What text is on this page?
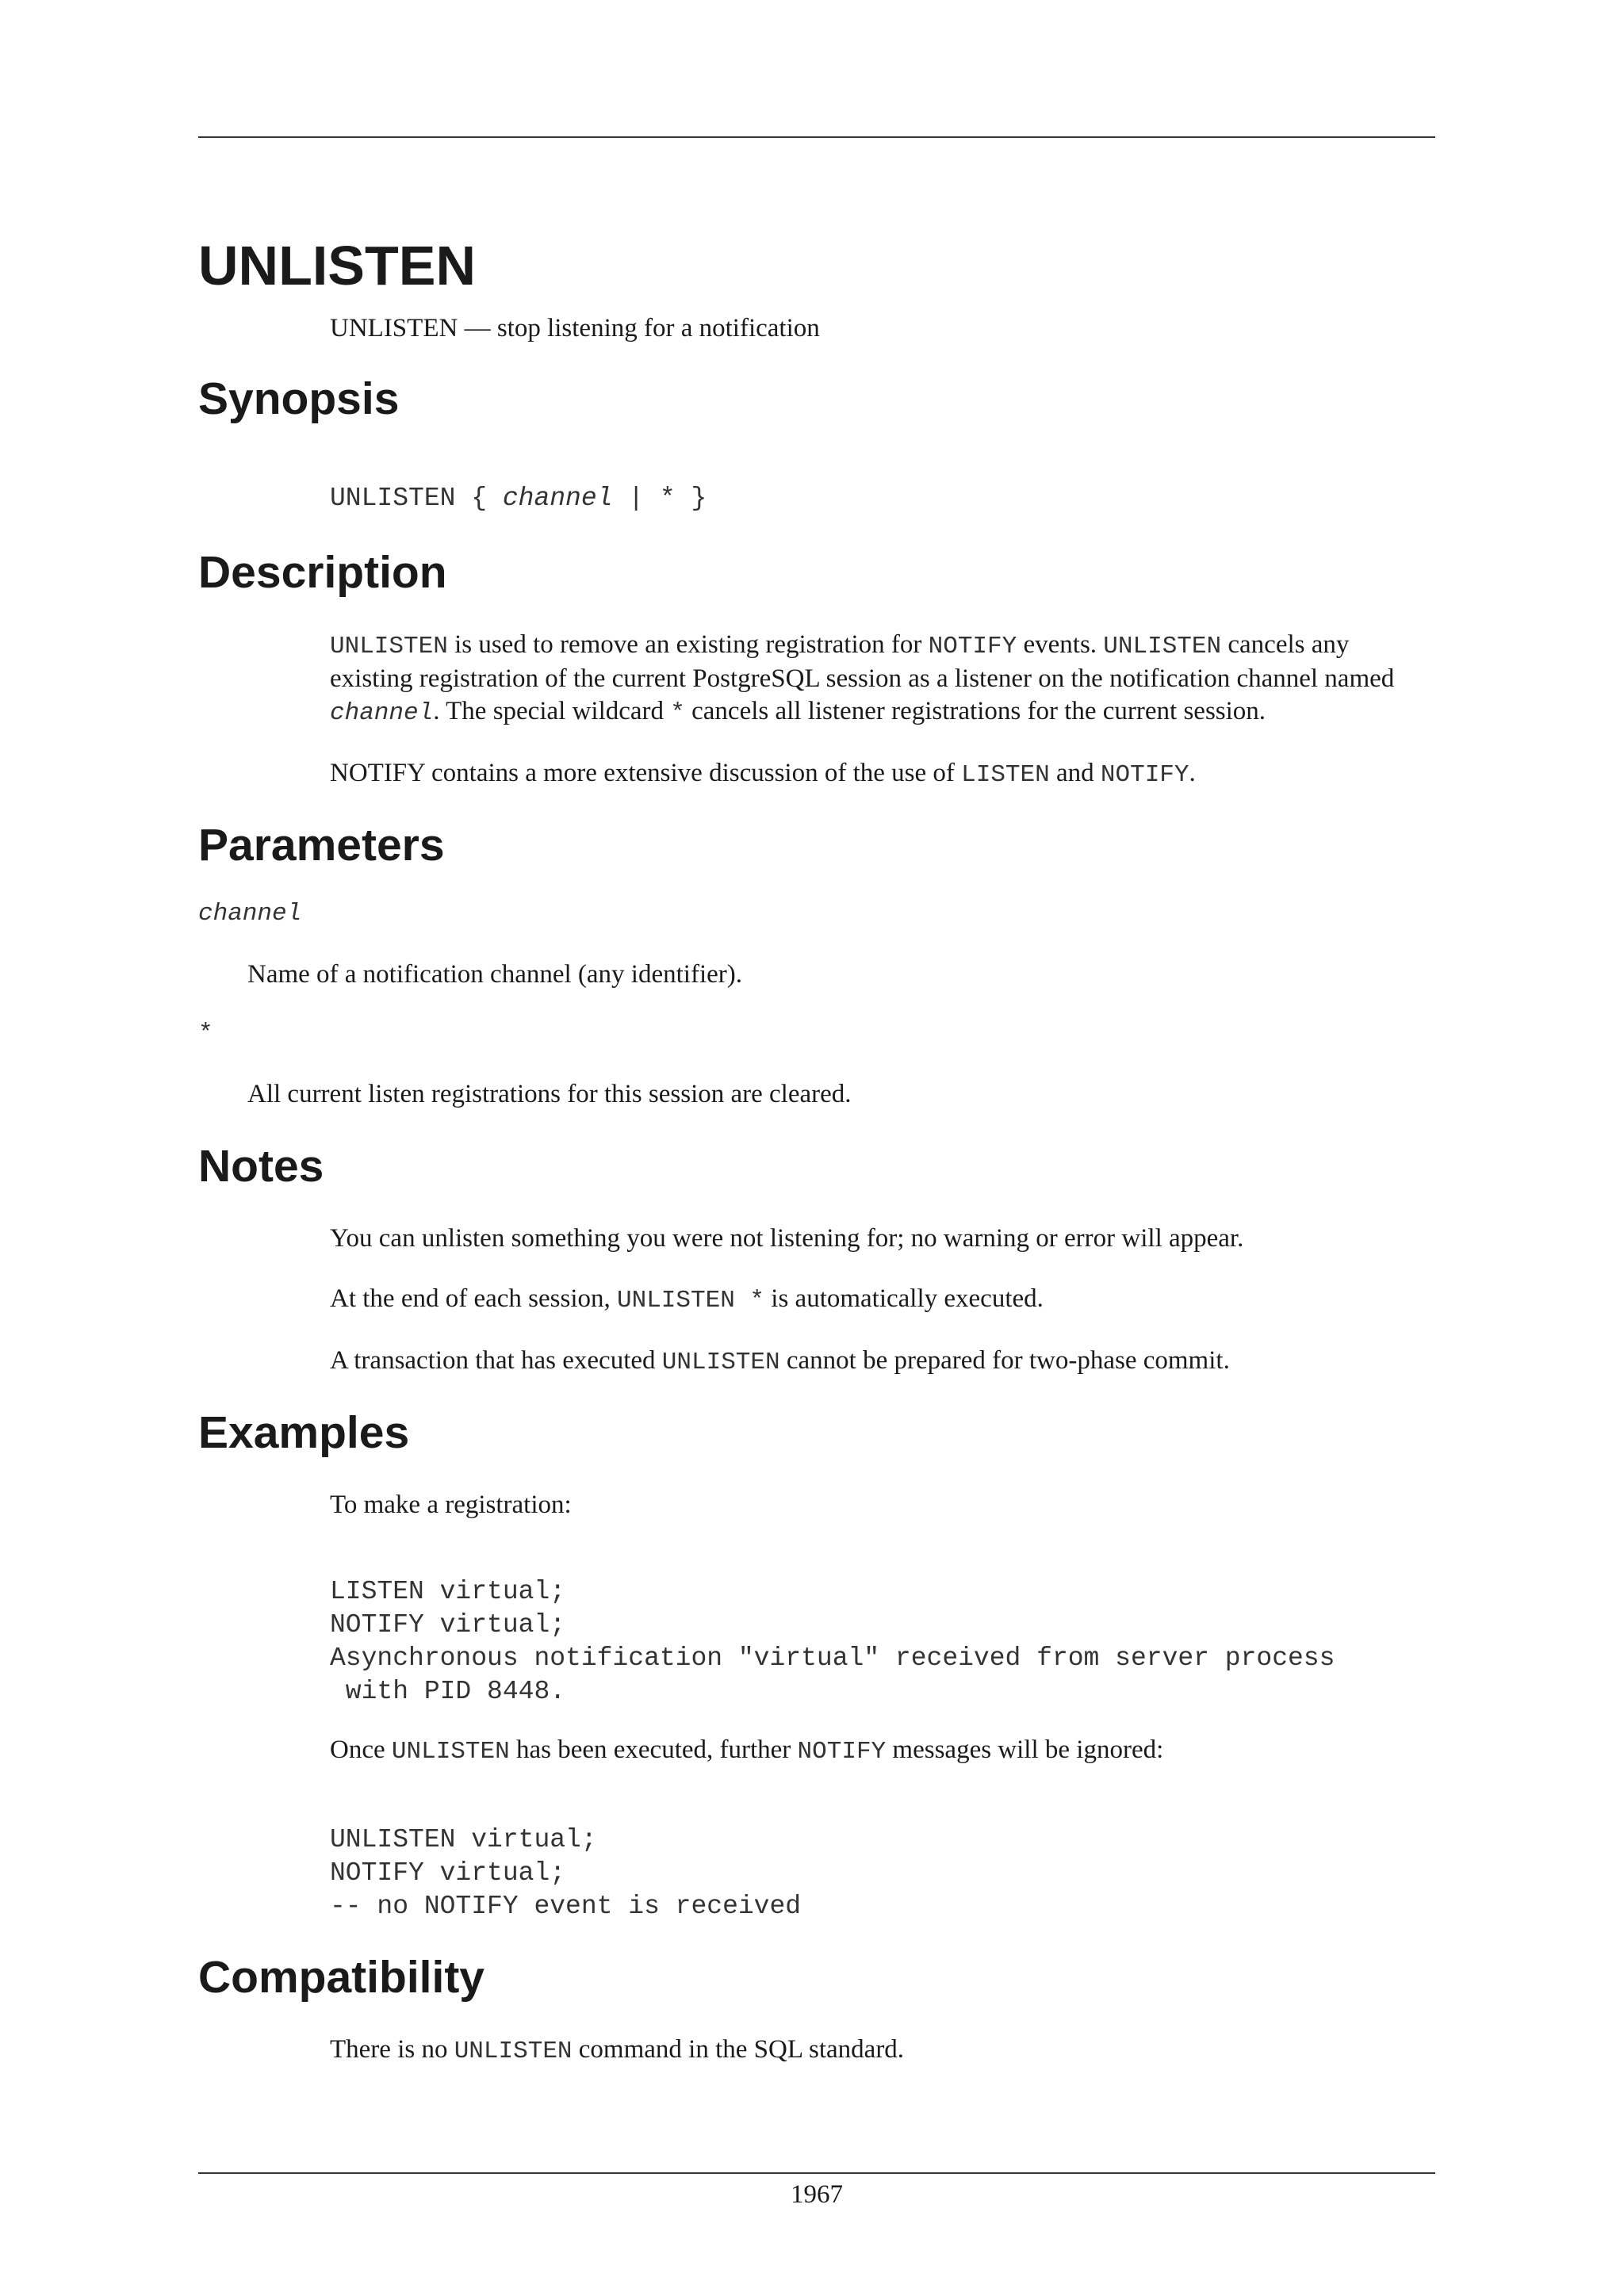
UNLISTEN

UNLISTEN — stop listening for a notification

Synopsis
UNLISTEN { channel | * }
Description

UNLISTEN is used to remove an existing registration for NOTIFY events. UNLISTEN cancels any existing registration of the current PostgreSQL session as a listener on the notification channel named channel. The special wildcard * cancels all listener registrations for the current session.

NOTIFY contains a more extensive discussion of the use of LISTEN and NOTIFY.

Parameters

channel

Name of a notification channel (any identifier).

*

All current listen registrations for this session are cleared.

Notes

You can unlisten something you were not listening for; no warning or error will appear.

At the end of each session, UNLISTEN * is automatically executed.

A transaction that has executed UNLISTEN cannot be prepared for two-phase commit.

Examples

To make a registration:

LISTEN virtual;
NOTIFY virtual;
Asynchronous notification "virtual" received from server process
with PID 8448.

Once UNLISTEN has been executed, further NOTIFY messages will be ignored:

UNLISTEN virtual;
NOTIFY virtual;
-- no NOTIFY event is received
Compatibility

There is no UNLISTEN command in the SQL standard.

1967
